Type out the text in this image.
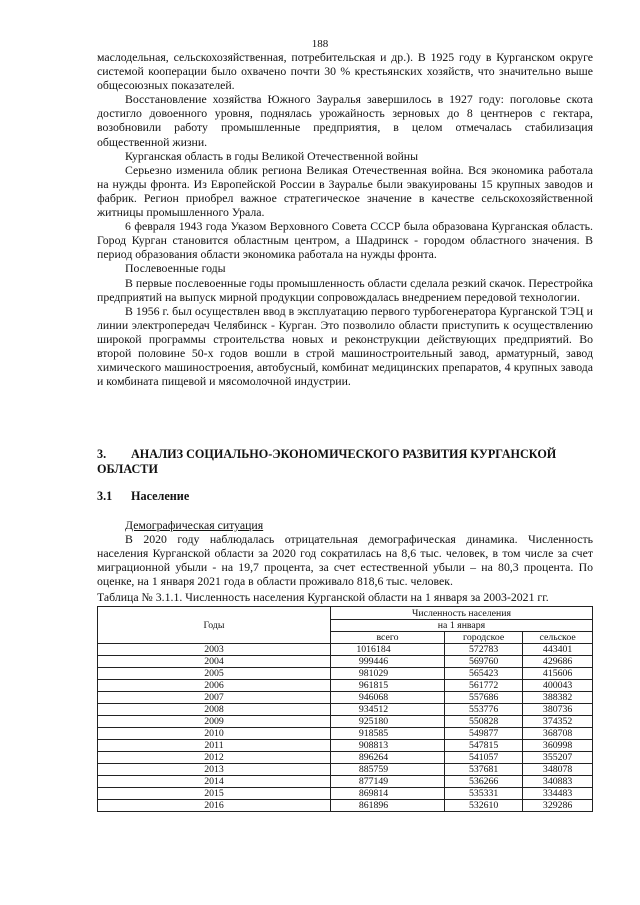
188

маслодельная, сельскохозяйственная, потребительская и др.). В 1925 году в Курганском округе системой кооперации было охвачено почти 30 % крестьянских хозяйств, что значительно выше общесоюзных показателей.

Восстановление хозяйства Южного Зауралья завершилось в 1927 году: поголовье скота достигло довоенного уровня, поднялась урожайность зерновых до 8 центнеров с гектара, возобновили работу промышленные предприятия, в целом отмечалась стабилизация общественной жизни.

Курганская область в годы Великой Отечественной войны

Серьезно изменила облик региона Великая Отечественная война. Вся экономика работала на нужды фронта. Из Европейской России в Зауралье были эвакуированы 15 крупных заводов и фабрик. Регион приобрел важное стратегическое значение в качестве сельскохозяйственной житницы промышленного Урала.

6 февраля 1943 года Указом Верховного Совета СССР была образована Курганская область. Город Курган становится областным центром, а Шадринск - городом областного значения. В период образования области экономика работала на нужды фронта.

Послевоенные годы

В первые послевоенные годы промышленность области сделала резкий скачок. Перестройка предприятий на выпуск мирной продукции сопровождалась внедрением передовой технологии.

В 1956 г. был осуществлен ввод в эксплуатацию первого турбогенератора Курганской ТЭЦ и линии электропередач Челябинск - Курган. Это позволило области приступить к осуществлению широкой программы строительства новых и реконструкции действующих предприятий. Во второй половине 50-х годов вошли в строй машиностроительный завод, арматурный, завод химического машиностроения, автобусный, комбинат медицинских препаратов, 4 крупных завода и комбината пищевой и мясомолочной индустрии.

3. АНАЛИЗ СОЦИАЛЬНО-ЭКОНОМИЧЕСКОГО РАЗВИТИЯ КУРГАНСКОЙ ОБЛАСТИ
3.1 Население

Демографическая ситуация

В 2020 году наблюдалась отрицательная демографическая динамика. Численность населения Курганской области за 2020 год сократилась на 8,6 тыс. человек, в том числе за счет миграционной убыли - на 19,7 процента, за счет естественной убыли – на 80,3 процента. По оценке, на 1 января 2021 года в области проживало 818,6 тыс. человек.

Таблица № 3.1.1. Численность населения Курганской области на 1 января за 2003-2021 гг.
Годы	Численность населения		
	на 1 января		
	всего	городское	сельское
2003	1016184	572783	443401
2004	999446	569760	429686
2005	981029	565423	415606
2006	961815	561772	400043
2007	946068	557686	388382
2008	934512	553776	380736
2009	925180	550828	374352
2010	918585	549877	368708
2011	908813	547815	360998
2012	896264	541057	355207
2013	885759	537681	348078
2014	877149	536266	340883
2015	869814	535331	334483
2016	861896	532610	329286
